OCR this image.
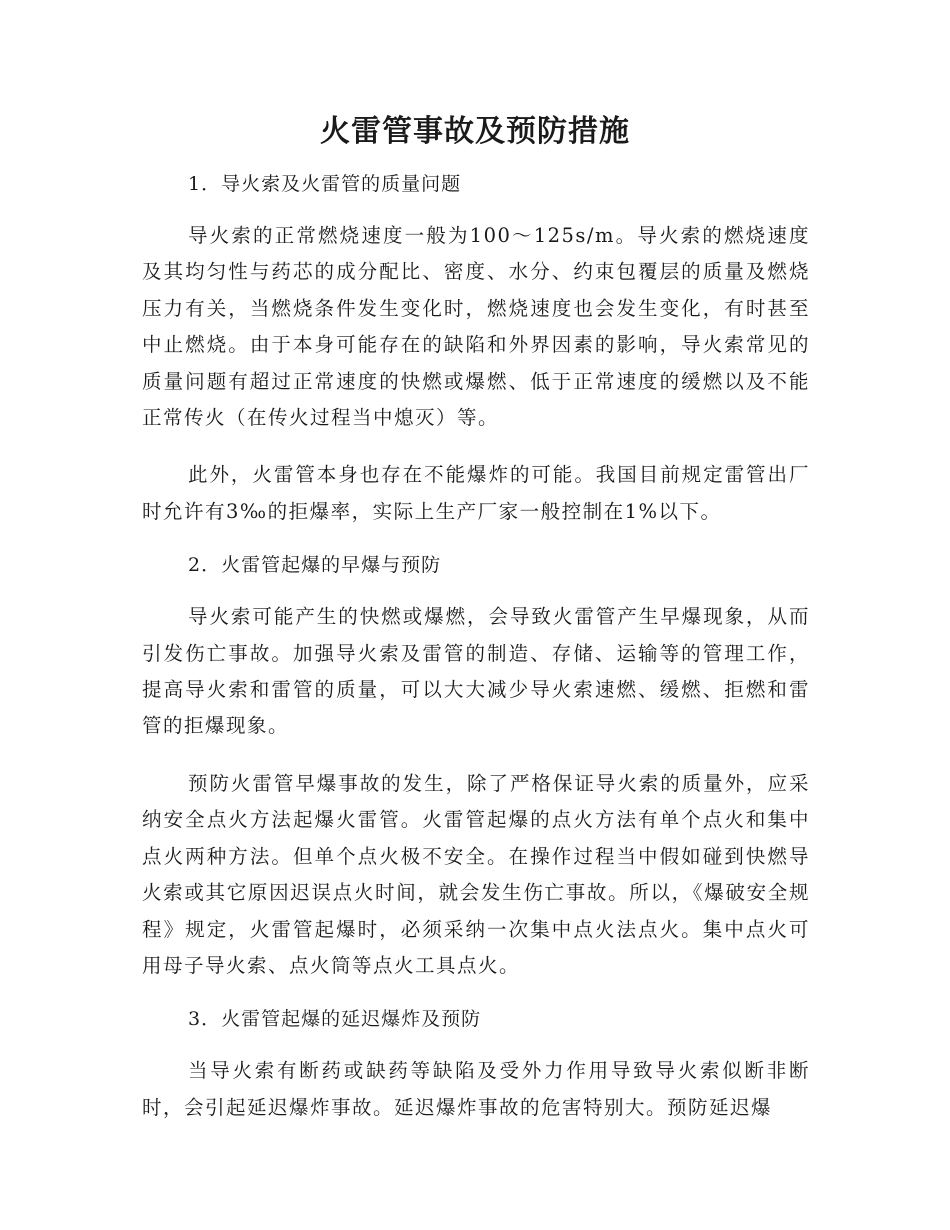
火雷管事故及预防措施

1．导火索及火雷管的质量问题

导火索的正常燃烧速度一般为100～125s/m。导火索的燃烧速度及其均匀性与药芯的成分配比、密度、水分、约束包覆层的质量及燃烧压力有关，当燃烧条件发生变化时，燃烧速度也会发生变化，有时甚至中止燃烧。由于本身可能存在的缺陷和外界因素的影响，导火索常见的质量问题有超过正常速度的快燃或爆燃、低于正常速度的缓燃以及不能正常传火（在传火过程当中熄灭）等。

此外，火雷管本身也存在不能爆炸的可能。我国目前规定雷管出厂时允许有3‰的拒爆率，实际上生产厂家一般控制在1%以下。

2．火雷管起爆的早爆与预防

导火索可能产生的快燃或爆燃，会导致火雷管产生早爆现象，从而引发伤亡事故。加强导火索及雷管的制造、存储、运输等的管理工作，提高导火索和雷管的质量，可以大大减少导火索速燃、缓燃、拒燃和雷管的拒爆现象。

预防火雷管早爆事故的发生，除了严格保证导火索的质量外，应采纳安全点火方法起爆火雷管。火雷管起爆的点火方法有单个点火和集中点火两种方法。但单个点火极不安全。在操作过程当中假如碰到快燃导火索或其它原因迟误点火时间，就会发生伤亡事故。所以，《爆破安全规程》规定，火雷管起爆时，必须采纳一次集中点火法点火。集中点火可用母子导火索、点火筒等点火工具点火。

3．火雷管起爆的延迟爆炸及预防

当导火索有断药或缺药等缺陷及受外力作用导致导火索似断非断时，会引起延迟爆炸事故。延迟爆炸事故的危害特别大。预防延迟爆
